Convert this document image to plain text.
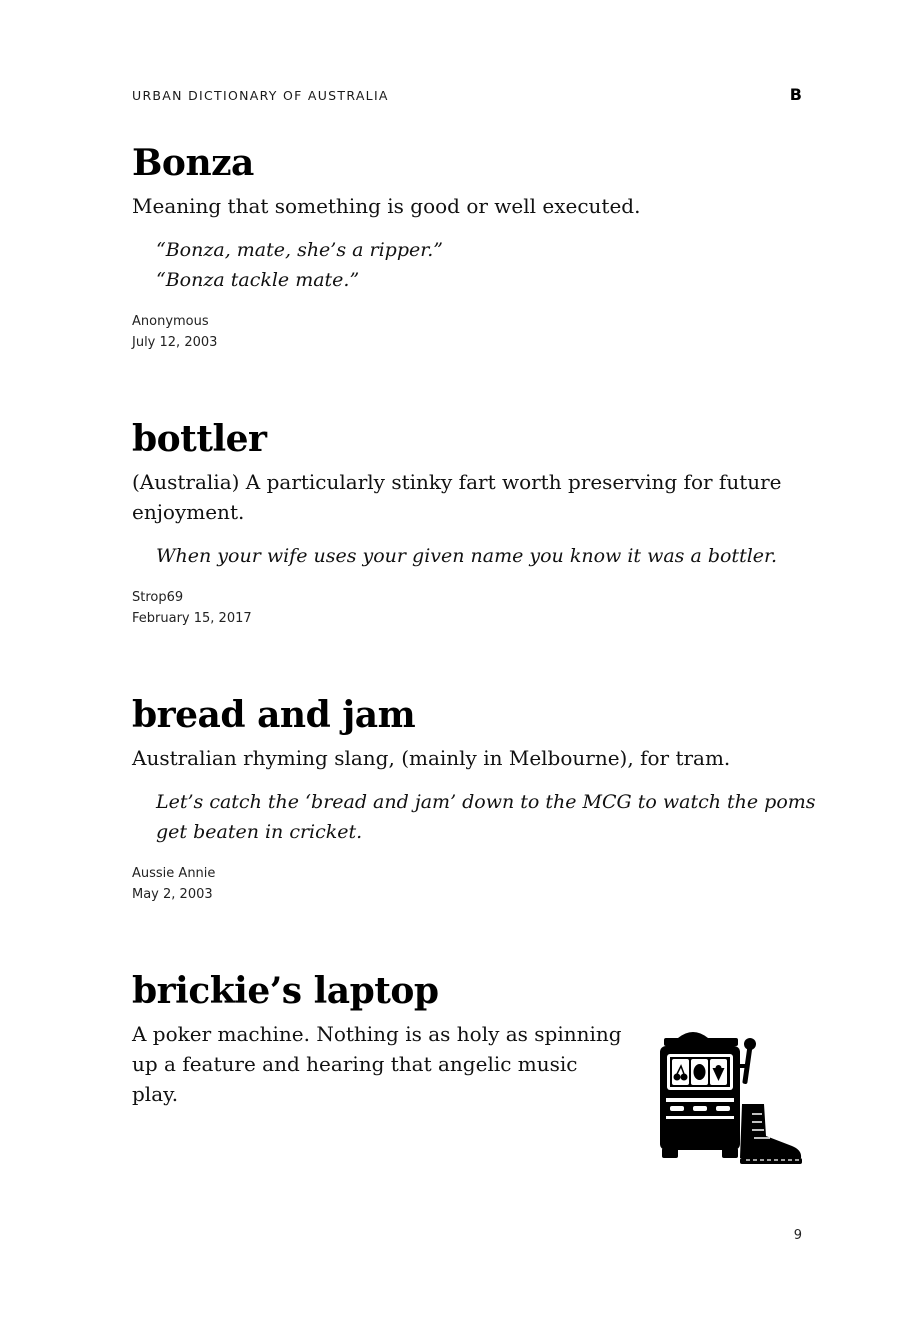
URBAN DICTIONARY OF AUSTRALIA	B
Bonza

Meaning that something is good or well executed.

“Bonza, mate, she’s a ripper.”

“Bonza tackle mate.”

Anonymous
July 12, 2003
bottler

(Australia) A particularly stinky fart worth preserving for future enjoyment.

When your wife uses your given name you know it was a bottler.

Strop69
February 15, 2017
bread and jam

Australian rhyming slang, (mainly in Melbourne), for tram.

Let’s catch the ‘bread and jam’ down to the MCG to watch the poms get beaten in cricket.

Aussie Annie
May 2, 2003
brickie’s laptop

A poker machine. Nothing is as holy as spinning up a feature and hearing that angelic music play.

9
